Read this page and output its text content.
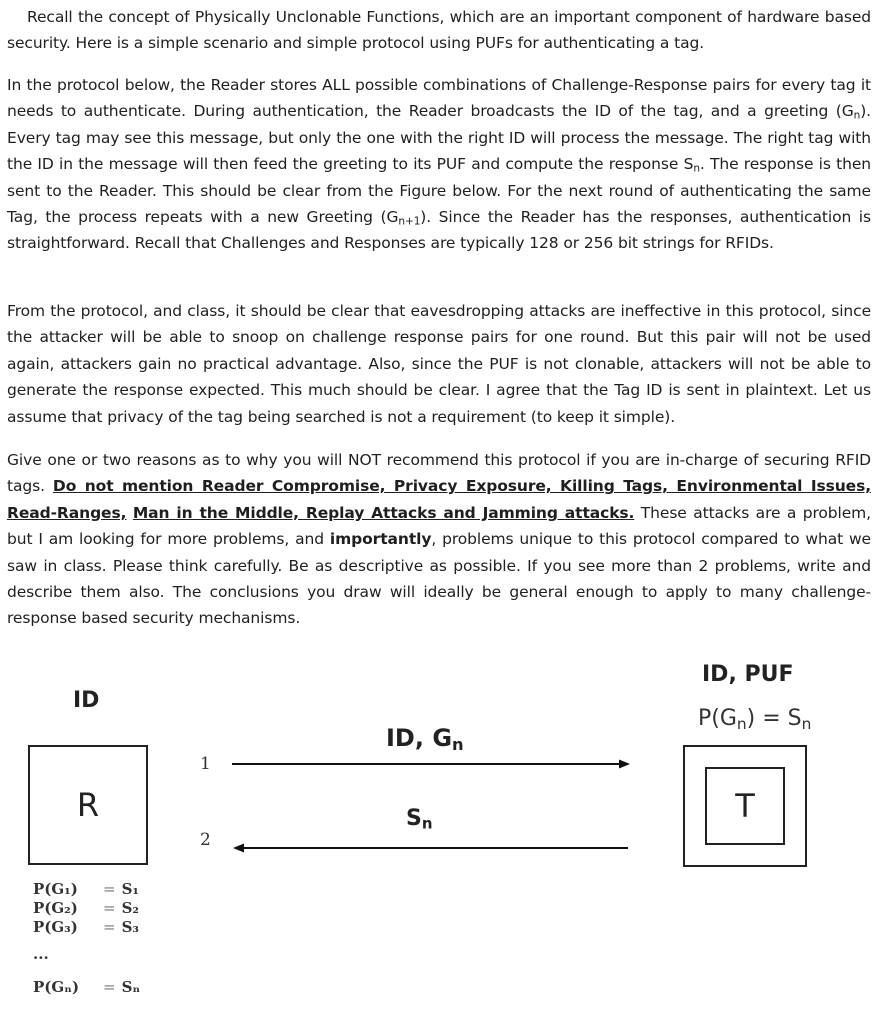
Recall the concept of Physically Unclonable Functions, which are an important component of hardware based security. Here is a simple scenario and simple protocol using PUFs for authenticating a tag.

In the protocol below, the Reader stores ALL possible combinations of Challenge-Response pairs for every tag it needs to authenticate. During authentication, the Reader broadcasts the ID of the tag, and a greeting $(G_n)$. Every tag may see this message, but only the one with the right ID will process the message. The right tag with the ID in the message will then feed the greeting to its PUF and compute the response $S_n$. The response is then sent to the Reader. This should be clear from the Figure below. For the next round of authenticating the same Tag, the process repeats with a new Greeting $(G_{n+1})$. Since the Reader has the responses, authentication is straightforward. Recall that Challenges and Responses are typically 128 or 256 bit strings for RFIDs.

From the protocol, and class, it should be clear that eavesdropping attacks are ineffective in this protocol, since the attacker will be able to snoop on challenge response pairs for one round. But this pair will not be used again, attackers gain no practical advantage. Also, since the PUF is not clonable, attackers will not be able to generate the response expected. This much should be clear. I agree that the Tag ID is sent in plaintext. Let us assume that privacy of the tag being searched is not a requirement (to keep it simple).

Give one or two reasons as to why you will NOT recommend this protocol if you are in-charge of securing RFID tags. Do not mention Reader Compromise, Privacy Exposure, Killing Tags, Environmental Issues, Read-Ranges, Man in the Middle, Replay Attacks and Jamming attacks. These attacks are a problem, but I am looking for more problems, and importantly, problems unique to this protocol compared to what we saw in class. Please think carefully. Be as descriptive as possible. If you see more than 2 problems, write and describe them also. The conclusions you draw will ideally be general enough to apply to many challenge-response based security mechanisms.

ID
ID, PUF
$P(G_n) = S_n$
ID, $G_n$
$S_n$
1
2
R	T
P(G₁)	= S₁
P(G₂)	= S₂
P(G₃)	= S₃
...
P(Gₙ)	= Sₙ
